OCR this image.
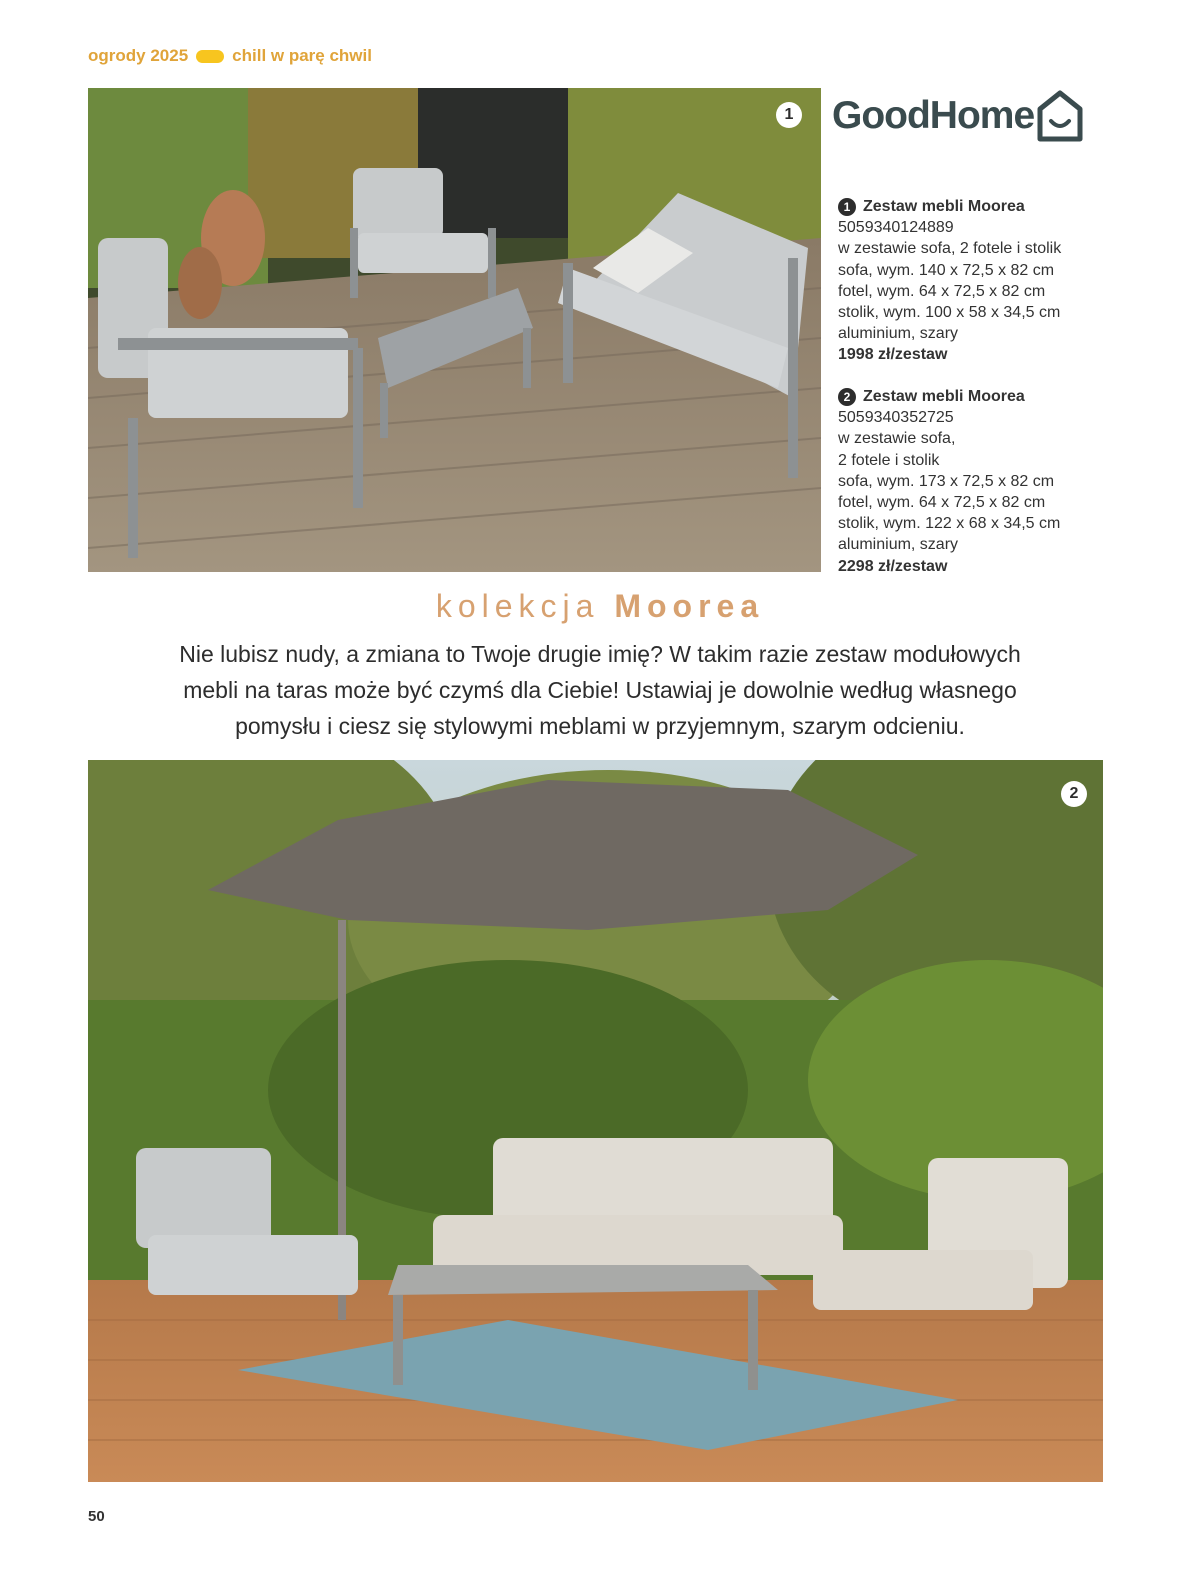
ogrody 2025	chill w parę chwil
1 GoodHome
1 Zestaw mebli Moorea
5059340124889
w zestawie sofa, 2 fotele i stolik
sofa, wym. 140 x 72,5 x 82 cm
fotel, wym. 64 x 72,5 x 82 cm
stolik, wym. 100 x 58 x 34,5 cm
aluminium, szary
1998 zł/zestaw
2 Zestaw mebli Moorea
5059340352725
w zestawie sofa,
2 fotele i stolik
sofa, wym. 173 x 72,5 x 82 cm
fotel, wym. 64 x 72,5 x 82 cm
stolik, wym. 122 x 68 x 34,5 cm
aluminium, szary
2298 zł/zestaw
kolekcja Moorea
Nie lubisz nudy, a zmiana to Twoje drugie imię? W takim razie zestaw modułowych
mebli na taras może być czymś dla Ciebie! Ustawiaj je dowolnie według własnego
pomysłu i ciesz się stylowymi meblami w przyjemnym, szarym odcieniu.
2
50
